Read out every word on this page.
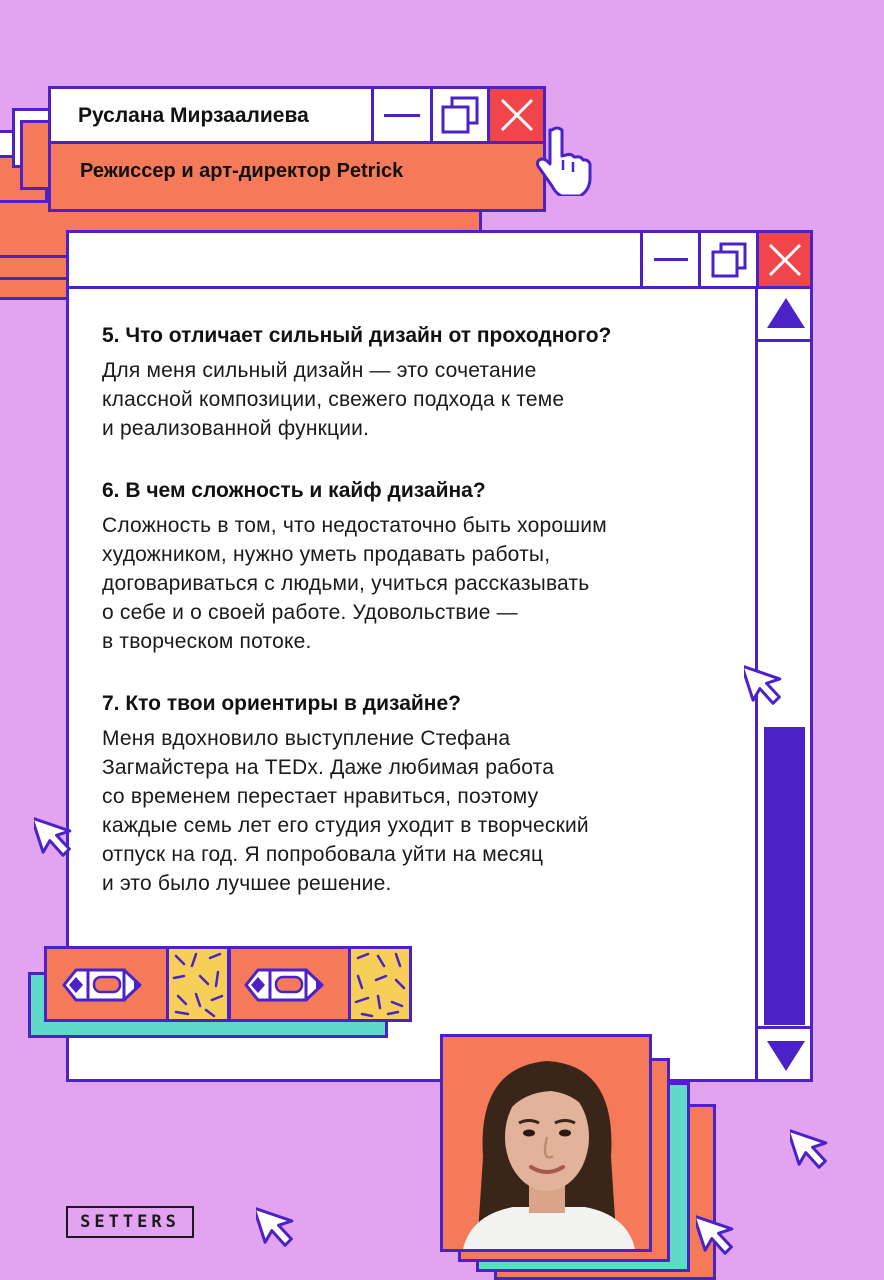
5. Что отличает сильный дизайн от проходного?
Для меня сильный дизайн — это сочетание
классной композиции, свежего подхода к теме
и реализованной функции.
6. В чем сложность и кайф дизайна?
Сложность в том, что недостаточно быть хорошим
художником, нужно уметь продавать работы,
договариваться с людьми, учиться рассказывать
о себе и о своей работе. Удовольствие —
в творческом потоке.
7. Кто твои ориентиры в дизайне?
Меня вдохновило выступление Стефана
Загмайстера на TEDx. Даже любимая работа
со временем перестает нравиться, поэтому
каждые семь лет его студия уходит в творческий
отпуск на год. Я попробовала уйти на месяц
и это было лучшее решение.
Руслана Мирзаалиева
Режиссер и арт-директор Petrick
SETTERS
